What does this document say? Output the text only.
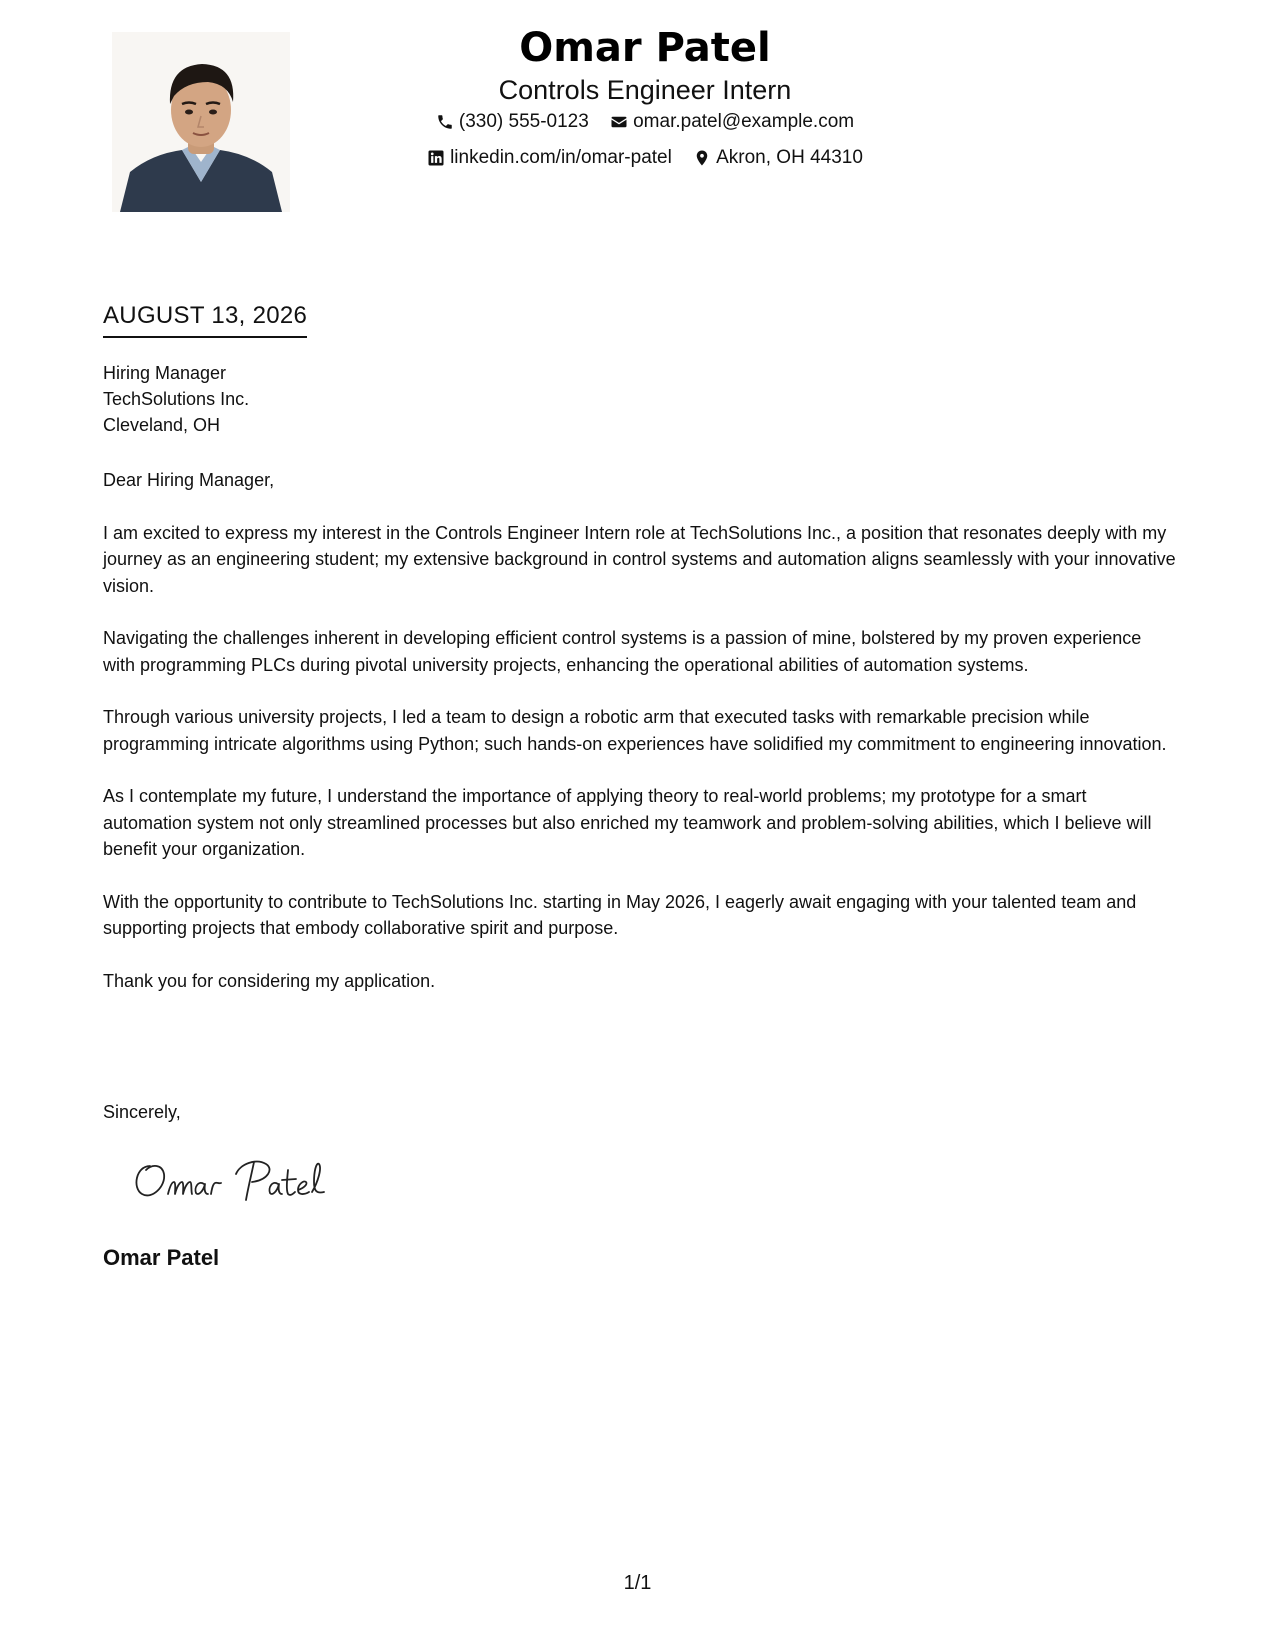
Omar Patel
Controls Engineer Intern
(330) 555-0123
omar.patel@example.com
linkedin.com/in/omar-patel
Akron, OH 44310
AUGUST 13, 2026
Hiring Manager
TechSolutions Inc.
Cleveland, OH

Dear Hiring Manager,

I am excited to express my interest in the Controls Engineer Intern role at TechSolutions Inc., a position that resonates deeply with my journey as an engineering student; my extensive background in control systems and automation aligns seamlessly with your innovative vision.

Navigating the challenges inherent in developing efficient control systems is a passion of mine, bolstered by my proven experience with programming PLCs during pivotal university projects, enhancing the operational abilities of automation systems.

Through various university projects, I led a team to design a robotic arm that executed tasks with remarkable precision while programming intricate algorithms using Python; such hands-on experiences have solidified my commitment to engineering innovation.

As I contemplate my future, I understand the importance of applying theory to real-world problems; my prototype for a smart automation system not only streamlined processes but also enriched my teamwork and problem-solving abilities, which I believe will benefit your organization.

With the opportunity to contribute to TechSolutions Inc. starting in May 2026, I eagerly await engaging with your talented team and supporting projects that embody collaborative spirit and purpose.

Thank you for considering my application.

Sincerely,
Omar Patel
1/1
